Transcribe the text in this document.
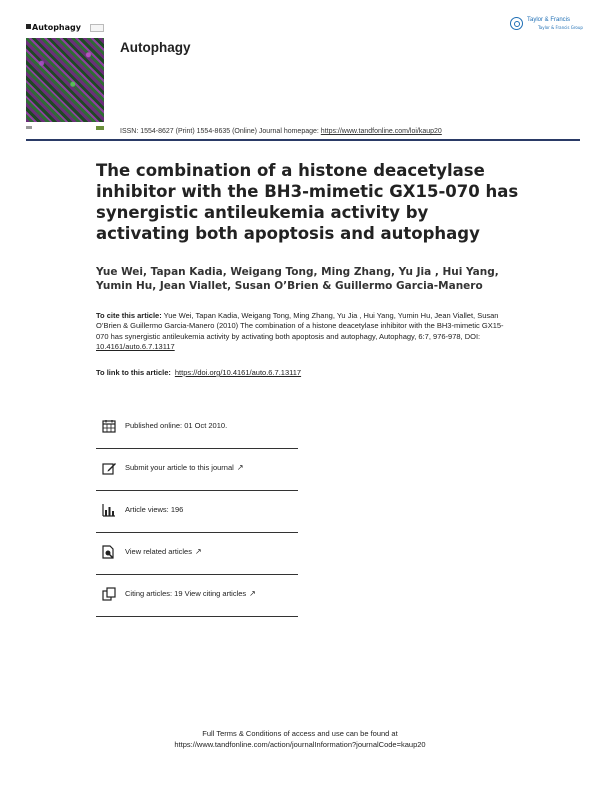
Autophagy
Autophagy
Taylor & Francis
Taylor & Francis Group
ISSN: 1554-8627 (Print) 1554-8635 (Online) Journal homepage: https://www.tandfonline.com/loi/kaup20
The combination of a histone deacetylase inhibitor with the BH3-mimetic GX15-070 has synergistic antileukemia activity by activating both apoptosis and autophagy
Yue Wei, Tapan Kadia, Weigang Tong, Ming Zhang, Yu Jia , Hui Yang, Yumin Hu, Jean Viallet, Susan O’Brien & Guillermo Garcia-Manero
To cite this article: Yue Wei, Tapan Kadia, Weigang Tong, Ming Zhang, Yu Jia , Hui Yang, Yumin Hu, Jean Viallet, Susan O’Brien & Guillermo Garcia-Manero (2010) The combination of a histone deacetylase inhibitor with the BH3-mimetic GX15-070 has synergistic antileukemia activity by activating both apoptosis and autophagy, Autophagy, 6:7, 976-978, DOI: 10.4161/auto.6.7.13117
To link to this article: https://doi.org/10.4161/auto.6.7.13117
Published online: 01 Oct 2010.
Submit your article to this journal ↗
Article views: 196
View related articles ↗
Citing articles: 19 View citing articles ↗
Full Terms & Conditions of access and use can be found at
https://www.tandfonline.com/action/journalInformation?journalCode=kaup20
